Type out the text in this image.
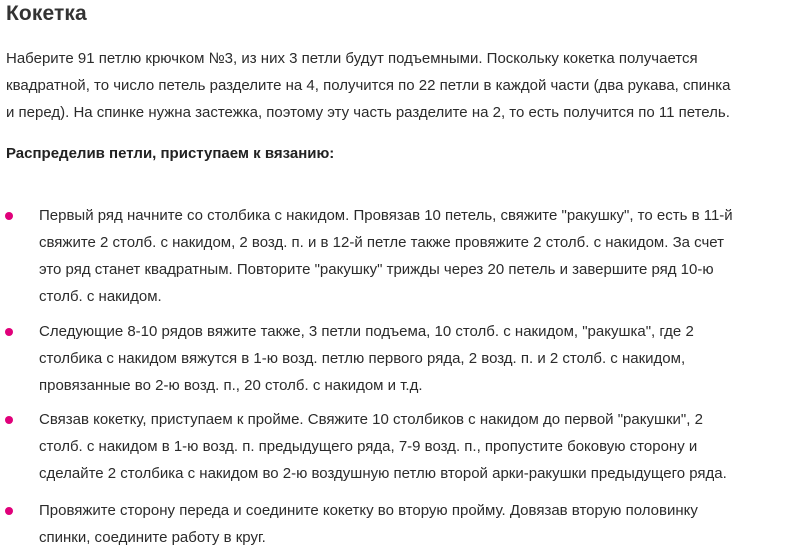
Кокетка

Наберите 91 петлю крючком №3, из них 3 петли будут подъемными. Поскольку кокетка получается
квадратной, то число петель разделите на 4, получится по 22 петли в каждой части (два рукава, спинка
и перед). На спинке нужна застежка, поэтому эту часть разделите на 2, то есть получится по 11 петель.

Распределив петли, приступаем к вязанию:

Первый ряд начните со столбика с накидом. Провязав 10 петель, свяжите "ракушку", то есть в 11-й
свяжите 2 столб. с накидом, 2 возд. п. и в 12-й петле также провяжите 2 столб. с накидом. За счет
это ряд станет квадратным. Повторите "ракушку" трижды через 20 петель и завершите ряд 10-ю
столб. с накидом.
Следующие 8-10 рядов вяжите также, 3 петли подъема, 10 столб. с накидом, "ракушка", где 2
столбика с накидом вяжутся в 1-ю возд. петлю первого ряда, 2 возд. п. и 2 столб. с накидом,
провязанные во 2-ю возд. п., 20 столб. с накидом и т.д.
Связав кокетку, приступаем к пройме. Свяжите 10 столбиков с накидом до первой "ракушки", 2
столб. с накидом в 1-ю возд. п. предыдущего ряда, 7-9 возд. п., пропустите боковую сторону и
сделайте 2 столбика с накидом во 2-ю воздушную петлю второй арки-ракушки предыдущего ряда.
Провяжите сторону переда и соедините кокетку во вторую пройму. Довязав вторую половинку
спинки, соедините работу в круг.
